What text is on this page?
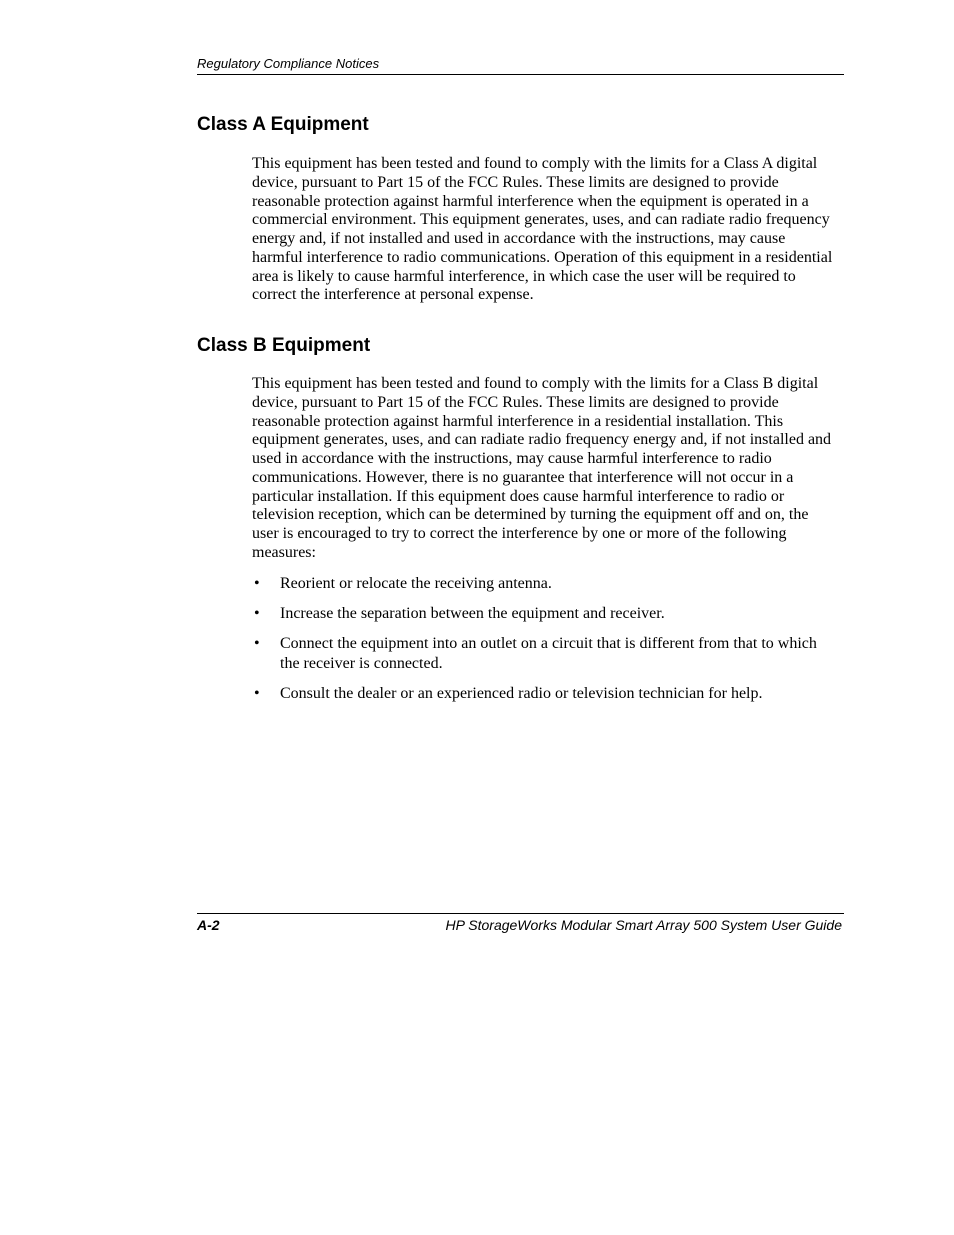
Regulatory Compliance Notices
Class A Equipment

This equipment has been tested and found to comply with the limits for a Class A digital device, pursuant to Part 15 of the FCC Rules. These limits are designed to provide reasonable protection against harmful interference when the equipment is operated in a commercial environment. This equipment generates, uses, and can radiate radio frequency energy and, if not installed and used in accordance with the instructions, may cause harmful interference to radio communications. Operation of this equipment in a residential area is likely to cause harmful interference, in which case the user will be required to correct the interference at personal expense.

Class B Equipment

This equipment has been tested and found to comply with the limits for a Class B digital device, pursuant to Part 15 of the FCC Rules. These limits are designed to provide reasonable protection against harmful interference in a residential installation. This equipment generates, uses, and can radiate radio frequency energy and, if not installed and used in accordance with the instructions, may cause harmful interference to radio communications. However, there is no guarantee that interference will not occur in a particular installation. If this equipment does cause harmful interference to radio or television reception, which can be determined by turning the equipment off and on, the user is encouraged to try to correct the interference by one or more of the following measures:

• Reorient or relocate the receiving antenna.
• Increase the separation between the equipment and receiver.
• Connect the equipment into an outlet on a circuit that is different from that to which the receiver is connected.
• Consult the dealer or an experienced radio or television technician for help.
A-2	HP StorageWorks Modular Smart Array 500 System User Guide
